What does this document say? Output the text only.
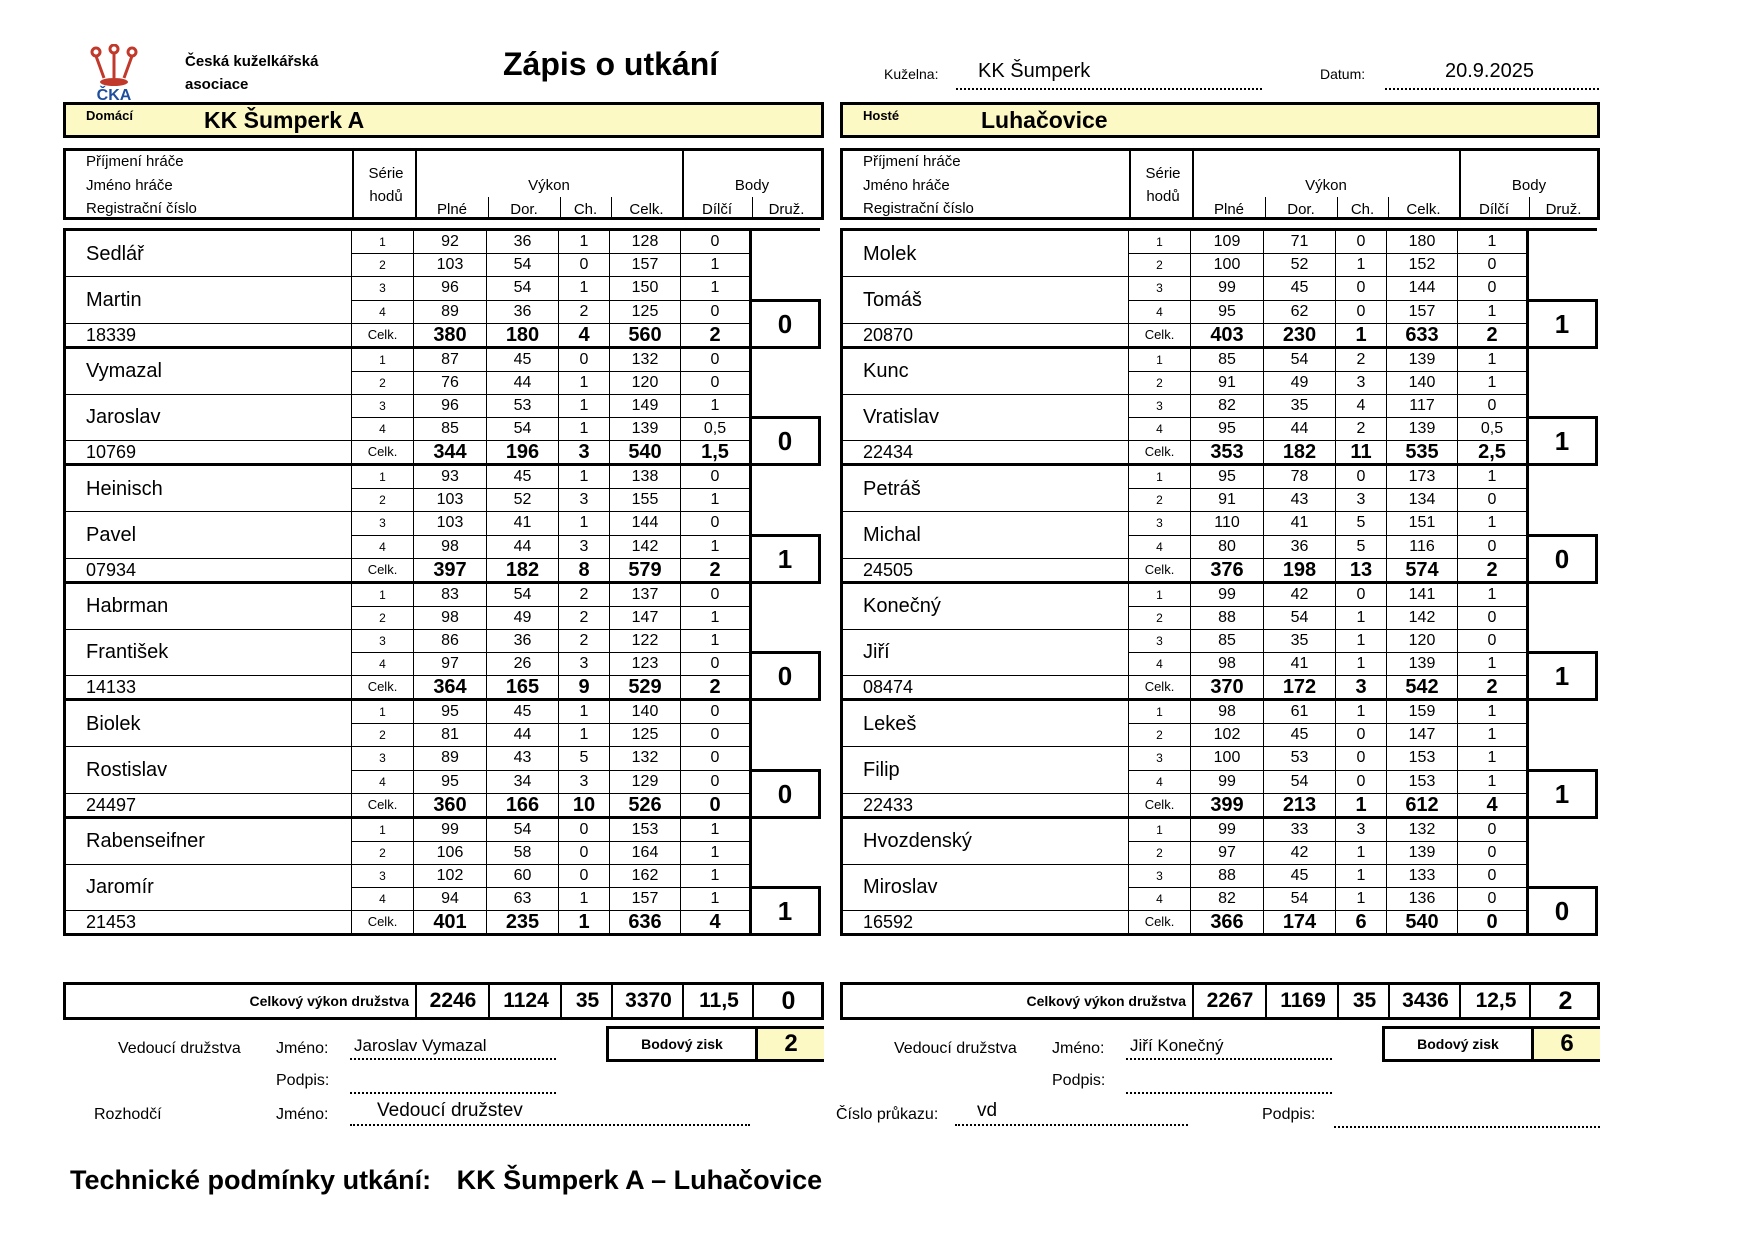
ČKA
Česká kuželkářská
asociace
Zápis o utkání	Kuželna:	KK Šumperk	Datum:	20.9.2025
Domácí	KK Šumperk A	Hosté	Luhačovice
Příjmení hráče
Jméno hráče
Registrační číslo
Série
hodů
Výkon
Plné	Dor.	Ch.	Celk.
Body
Dílčí	Druž.
Příjmení hráče
Jméno hráče
Registrační číslo
Série
hodů
Výkon
Plné	Dor.	Ch.	Celk.
Body
Dílčí	Druž.
Sedlář	1	92	36	1	128	0	
	2	103	54	0	157	1	
Martin	3	96	54	1	150	1	
	4	89	36	2	125	0	0
18339	Celk.	380	180	4	560	2	
Vymazal	1	87	45	0	132	0	
	2	76	44	1	120	0	
Jaroslav	3	96	53	1	149	1	
	4	85	54	1	139	0,5	0
10769	Celk.	344	196	3	540	1,5	
Heinisch	1	93	45	1	138	0	
	2	103	52	3	155	1	
Pavel	3	103	41	1	144	0	
	4	98	44	3	142	1	1
07934	Celk.	397	182	8	579	2	
Habrman	1	83	54	2	137	0	
	2	98	49	2	147	1	
František	3	86	36	2	122	1	
	4	97	26	3	123	0	0
14133	Celk.	364	165	9	529	2	
Biolek	1	95	45	1	140	0	
	2	81	44	1	125	0	
Rostislav	3	89	43	5	132	0	
	4	95	34	3	129	0	0
24497	Celk.	360	166	10	526	0	
Rabenseifner	1	99	54	0	153	1	
	2	106	58	0	164	1	
Jaromír	3	102	60	0	162	1	
	4	94	63	1	157	1	1
21453	Celk.	401	235	1	636	4	
Molek	1	109	71	0	180	1	
	2	100	52	1	152	0	
Tomáš	3	99	45	0	144	0	
	4	95	62	0	157	1	1
20870	Celk.	403	230	1	633	2	
Kunc	1	85	54	2	139	1	
	2	91	49	3	140	1	
Vratislav	3	82	35	4	117	0	
	4	95	44	2	139	0,5	1
22434	Celk.	353	182	11	535	2,5	
Petráš	1	95	78	0	173	1	
	2	91	43	3	134	0	
Michal	3	110	41	5	151	1	
	4	80	36	5	116	0	0
24505	Celk.	376	198	13	574	2	
Konečný	1	99	42	0	141	1	
	2	88	54	1	142	0	
Jiří	3	85	35	1	120	0	
	4	98	41	1	139	1	1
08474	Celk.	370	172	3	542	2	
Lekeš	1	98	61	1	159	1	
	2	102	45	0	147	1	
Filip	3	100	53	0	153	1	
	4	99	54	0	153	1	1
22433	Celk.	399	213	1	612	4	
Hvozdenský	1	99	33	3	132	0	
	2	97	42	1	139	0	
Miroslav	3	88	45	1	133	0	
	4	82	54	1	136	0	0
16592	Celk.	366	174	6	540	0	
Celkový výkon družstva 2246	1124	35	3370	11,5	0	Celkový výkon družstva 2267	1169	35	3436	12,5	2
Bodový zisk	2	Bodový zisk	6
Vedoucí družstva Jméno: Jaroslav Vymazal
Podpis:
Vedoucí družstva Jméno: Jiří Konečný
Podpis:
Rozhodčí	Jméno:	Vedoucí družstev	Číslo průkazu:	vd	Podpis:
Technické podmínky utkání: KK Šumperk A – Luhačovice
